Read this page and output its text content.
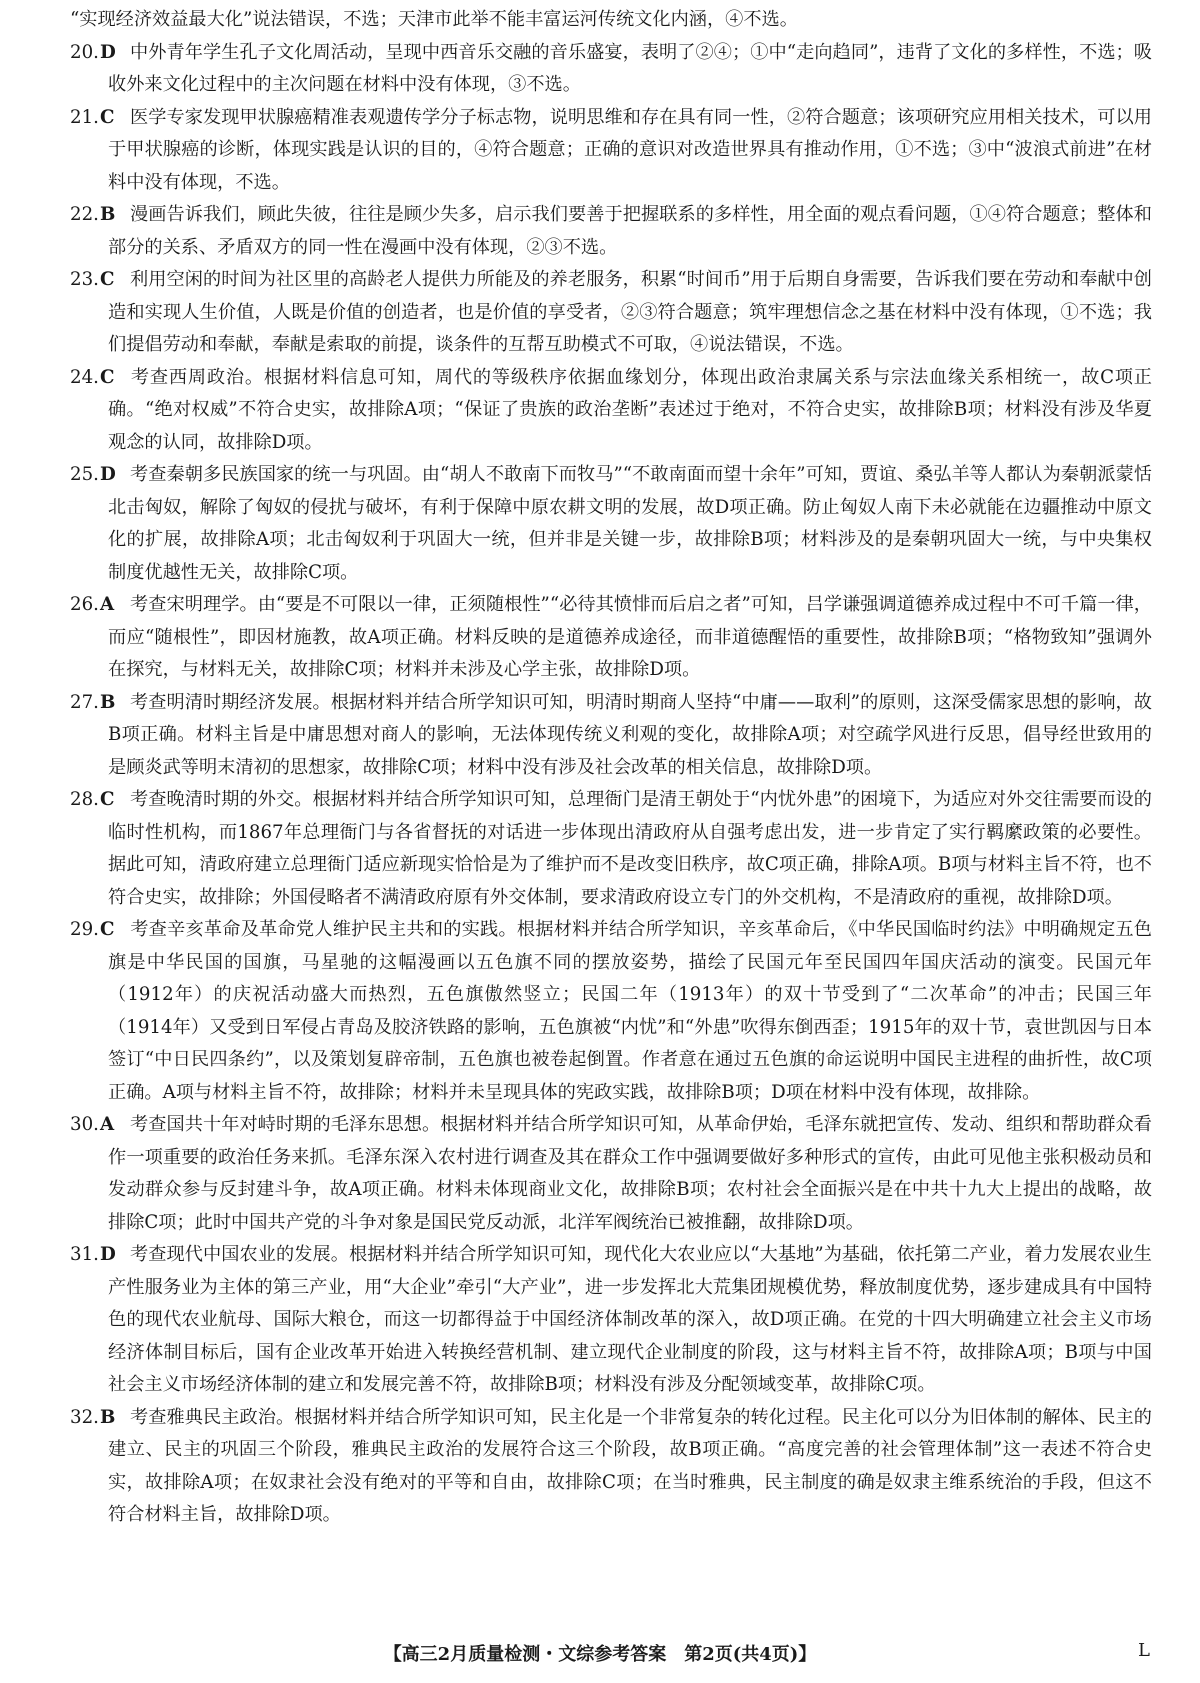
“实现经济效益最大化”说法错误，不选；天津市此举不能丰富运河传统文化内涵，④不选。

20.D 中外青年学生孔子文化周活动，呈现中西音乐交融的音乐盛宴，表明了②④；①中“走向趋同”，违背了文化的多样性，不选；吸收外来文化过程中的主次问题在材料中没有体现，③不选。

21.C 医学专家发现甲状腺癌精准表观遗传学分子标志物，说明思维和存在具有同一性，②符合题意；该项研究应用相关技术，可以用于甲状腺癌的诊断，体现实践是认识的目的，④符合题意；正确的意识对改造世界具有推动作用，①不选；③中“波浪式前进”在材料中没有体现，不选。

22.B 漫画告诉我们，顾此失彼，往往是顾少失多，启示我们要善于把握联系的多样性，用全面的观点看问题，①④符合题意；整体和部分的关系、矛盾双方的同一性在漫画中没有体现，②③不选。

23.C 利用空闲的时间为社区里的高龄老人提供力所能及的养老服务，积累“时间币”用于后期自身需要，告诉我们要在劳动和奉献中创造和实现人生价值，人既是价值的创造者，也是价值的享受者，②③符合题意；筑牢理想信念之基在材料中没有体现，①不选；我们提倡劳动和奉献，奉献是索取的前提，谈条件的互帮互助模式不可取，④说法错误，不选。

24.C 考查西周政治。根据材料信息可知，周代的等级秩序依据血缘划分，体现出政治隶属关系与宗法血缘关系相统一，故C项正确。“绝对权威”不符合史实，故排除A项；“保证了贵族的政治垄断”表述过于绝对，不符合史实，故排除B项；材料没有涉及华夏观念的认同，故排除D项。

25.D 考查秦朝多民族国家的统一与巩固。由“胡人不敢南下而牧马”“不敢南面而望十余年”可知，贾谊、桑弘羊等人都认为秦朝派蒙恬北击匈奴，解除了匈奴的侵扰与破坏，有利于保障中原农耕文明的发展，故D项正确。防止匈奴人南下未必就能在边疆推动中原文化的扩展，故排除A项；北击匈奴利于巩固大一统，但并非是关键一步，故排除B项；材料涉及的是秦朝巩固大一统，与中央集权制度优越性无关，故排除C项。

26.A 考查宋明理学。由“要是不可限以一律，正须随根性”“必待其愤悱而后启之者”可知，吕学谦强调道德养成过程中不可千篇一律，而应“随根性”，即因材施教，故A项正确。材料反映的是道德养成途径，而非道德醒悟的重要性，故排除B项；“格物致知”强调外在探究，与材料无关，故排除C项；材料并未涉及心学主张，故排除D项。

27.B 考查明清时期经济发展。根据材料并结合所学知识可知，明清时期商人坚持“中庸——取利”的原则，这深受儒家思想的影响，故B项正确。材料主旨是中庸思想对商人的影响，无法体现传统义利观的变化，故排除A项；对空疏学风进行反思，倡导经世致用的是顾炎武等明末清初的思想家，故排除C项；材料中没有涉及社会改革的相关信息，故排除D项。

28.C 考查晚清时期的外交。根据材料并结合所学知识可知，总理衙门是清王朝处于“内忧外患”的困境下，为适应对外交往需要而设的临时性机构，而1867年总理衙门与各省督抚的对话进一步体现出清政府从自强考虑出发，进一步肯定了实行羁縻政策的必要性。据此可知，清政府建立总理衙门适应新现实恰恰是为了维护而不是改变旧秩序，故C项正确，排除A项。B项与材料主旨不符，也不符合史实，故排除；外国侵略者不满清政府原有外交体制，要求清政府设立专门的外交机构，不是清政府的重视，故排除D项。

29.C 考查辛亥革命及革命党人维护民主共和的实践。根据材料并结合所学知识，辛亥革命后，《中华民国临时约法》中明确规定五色旗是中华民国的国旗，马星驰的这幅漫画以五色旗不同的摆放姿势，描绘了民国元年至民国四年国庆活动的演变。民国元年（1912年）的庆祝活动盛大而热烈，五色旗傲然竖立；民国二年（1913年）的双十节受到了“二次革命”的冲击；民国三年（1914年）又受到日军侵占青岛及胶济铁路的影响，五色旗被“内忧”和“外患”吹得东倒西歪；1915年的双十节，袁世凯因与日本签订“中日民四条约”，以及策划复辟帝制，五色旗也被卷起倒置。作者意在通过五色旗的命运说明中国民主进程的曲折性，故C项正确。A项与材料主旨不符，故排除；材料并未呈现具体的宪政实践，故排除B项；D项在材料中没有体现，故排除。

30.A 考查国共十年对峙时期的毛泽东思想。根据材料并结合所学知识可知，从革命伊始，毛泽东就把宣传、发动、组织和帮助群众看作一项重要的政治任务来抓。毛泽东深入农村进行调查及其在群众工作中强调要做好多种形式的宣传，由此可见他主张积极动员和发动群众参与反封建斗争，故A项正确。材料未体现商业文化，故排除B项；农村社会全面振兴是在中共十九大上提出的战略，故排除C项；此时中国共产党的斗争对象是国民党反动派，北洋军阀统治已被推翻，故排除D项。

31.D 考查现代中国农业的发展。根据材料并结合所学知识可知，现代化大农业应以“大基地”为基础，依托第二产业，着力发展农业生产性服务业为主体的第三产业，用“大企业”牵引“大产业”，进一步发挥北大荒集团规模优势，释放制度优势，逐步建成具有中国特色的现代农业航母、国际大粮仓，而这一切都得益于中国经济体制改革的深入，故D项正确。在党的十四大明确建立社会主义市场经济体制目标后，国有企业改革开始进入转换经营机制、建立现代企业制度的阶段，这与材料主旨不符，故排除A项；B项与中国社会主义市场经济体制的建立和发展完善不符，故排除B项；材料没有涉及分配领域变革，故排除C项。

32.B 考查雅典民主政治。根据材料并结合所学知识可知，民主化是一个非常复杂的转化过程。民主化可以分为旧体制的解体、民主的建立、民主的巩固三个阶段，雅典民主政治的发展符合这三个阶段，故B项正确。“高度完善的社会管理体制”这一表述不符合史实，故排除A项；在奴隶社会没有绝对的平等和自由，故排除C项；在当时雅典，民主制度的确是奴隶主维系统治的手段，但这不符合材料主旨，故排除D项。

【高三2月质量检测・文综参考答案　第2页(共4页)】	L
